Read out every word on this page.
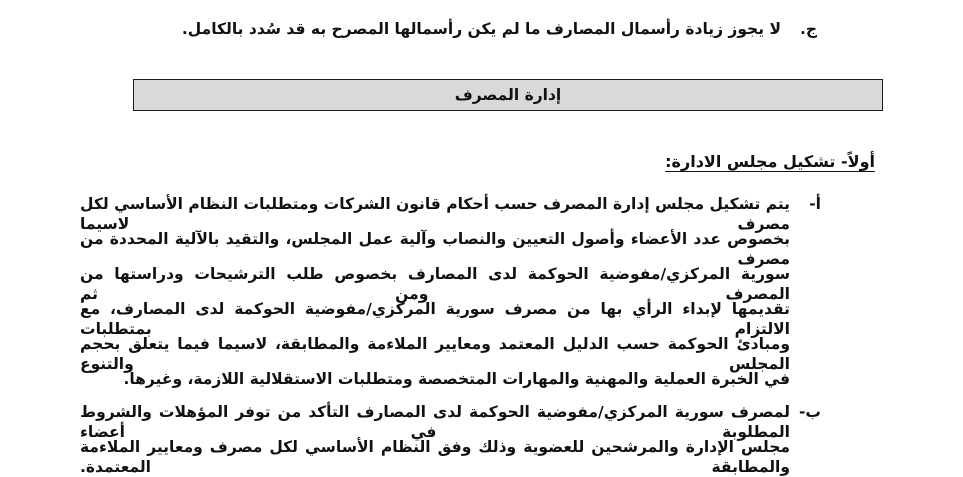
ج.
لا يجوز زيادة رأسمال المصارف ما لم يكن رأسمالها المصرح به قد سُدد بالكامل.
إدارة المصرف
أولاً- تشكيل مجلس الادارة:
أ-
يتم تشكيل مجلس إدارة المصرف حسب أحكام قانون الشركات ومتطلبات النظام الأساسي لكل مصرف لاسيما
بخصوص عدد الأعضاء وأصول التعيين والنصاب وآلية عمل المجلس، والتقيد بالآلية المحددة من مصرف
سورية المركزي/مفوضية الحوكمة لدى المصارف بخصوص طلب الترشيحات ودراستها من المصرف ومن ثم
تقديمها لإبداء الرأي بها من مصرف سورية المركزي/مفوضية الحوكمة لدى المصارف، مع الالتزام بمتطلبات
ومبادئ الحوكمة حسب الدليل المعتمد ومعايير الملاءمة والمطابقة، لاسيما فيما يتعلق بحجم المجلس والتنوع
في الخبرة العملية والمهنية والمهارات المتخصصة ومتطلبات الاستقلالية اللازمة، وغيرها.
ب-
لمصرف سورية المركزي/مفوضية الحوكمة لدى المصارف التأكد من توفر المؤهلات والشروط المطلوبة في أعضاء
مجلس الإدارة والمرشحين للعضوية وذلك وفق النظام الأساسي لكل مصرف ومعايير الملاءمة والمطابقة المعتمدة.
